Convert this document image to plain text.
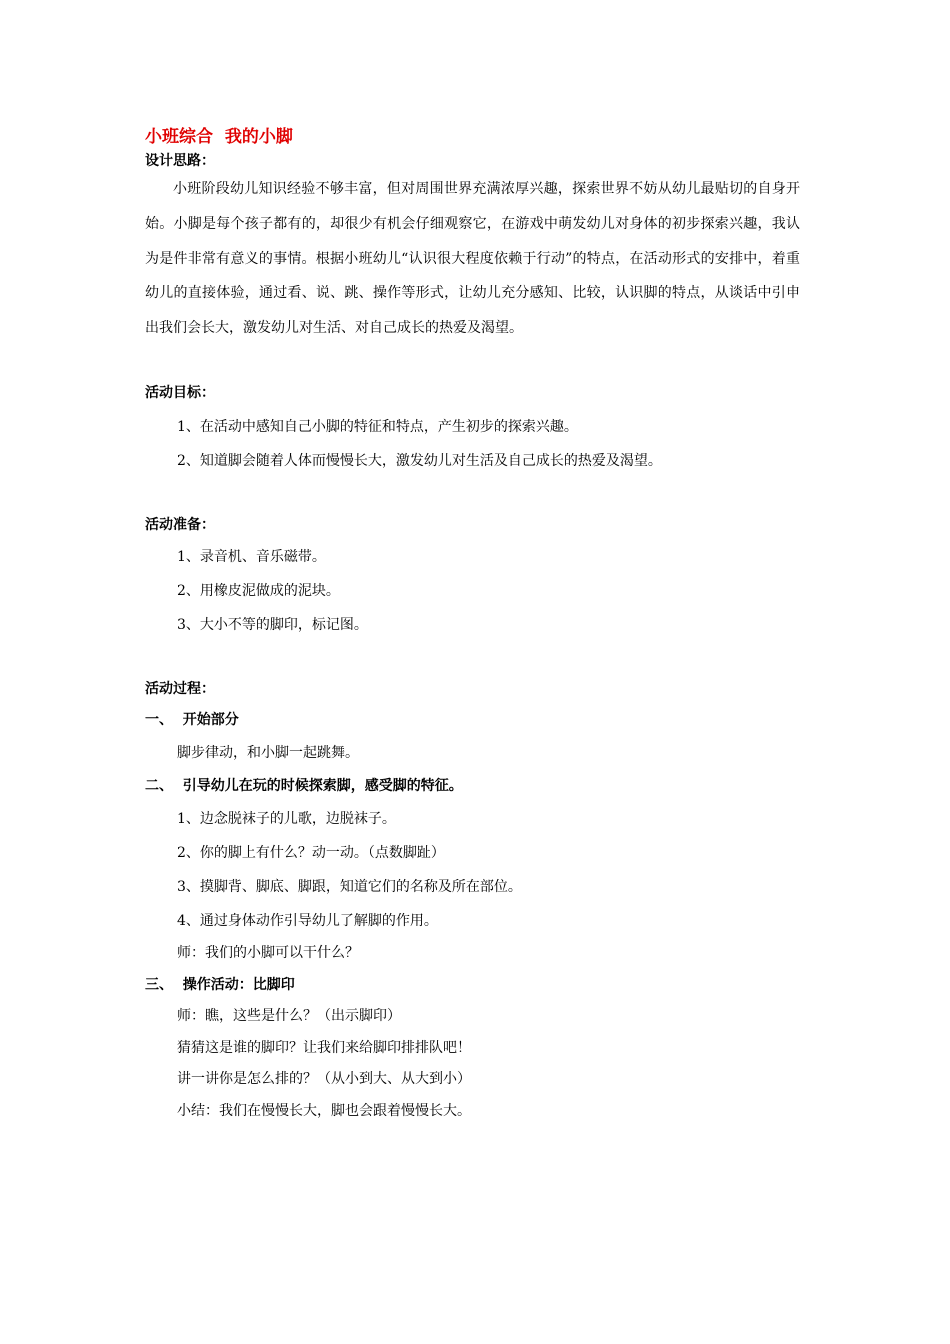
小班综合  我的小脚
设计思路：

小班阶段幼儿知识经验不够丰富，但对周围世界充满浓厚兴趣，探索世界不妨从幼儿最贴切的自身开始。小脚是每个孩子都有的，却很少有机会仔细观察它，在游戏中萌发幼儿对身体的初步探索兴趣，我认为是件非常有意义的事情。根据小班幼儿“认识很大程度依赖于行动”的特点，在活动形式的安排中，着重幼儿的直接体验，通过看、说、跳、操作等形式，让幼儿充分感知、比较，认识脚的特点，从谈话中引申出我们会长大，激发幼儿对生活、对自己成长的热爱及渴望。

活动目标：

1、在活动中感知自己小脚的特征和特点，产生初步的探索兴趣。

2、知道脚会随着人体而慢慢长大，激发幼儿对生活及自己成长的热爱及渴望。

活动准备：

1、录音机、音乐磁带。

2、用橡皮泥做成的泥块。

3、大小不等的脚印，标记图。

活动过程：
一、  开始部分

脚步律动，和小脚一起跳舞。

二、  引导幼儿在玩的时候探索脚，感受脚的特征。

1、边念脱袜子的儿歌，边脱袜子。

2、你的脚上有什么？动一动。（点数脚趾）

3、摸脚背、脚底、脚跟，知道它们的名称及所在部位。

4、通过身体动作引导幼儿了解脚的作用。

师：我们的小脚可以干什么？

三、  操作活动：比脚印

师：瞧，这些是什么？（出示脚印）

猜猜这是谁的脚印？让我们来给脚印排排队吧！

讲一讲你是怎么排的？（从小到大、从大到小）

小结：我们在慢慢长大，脚也会跟着慢慢长大。
